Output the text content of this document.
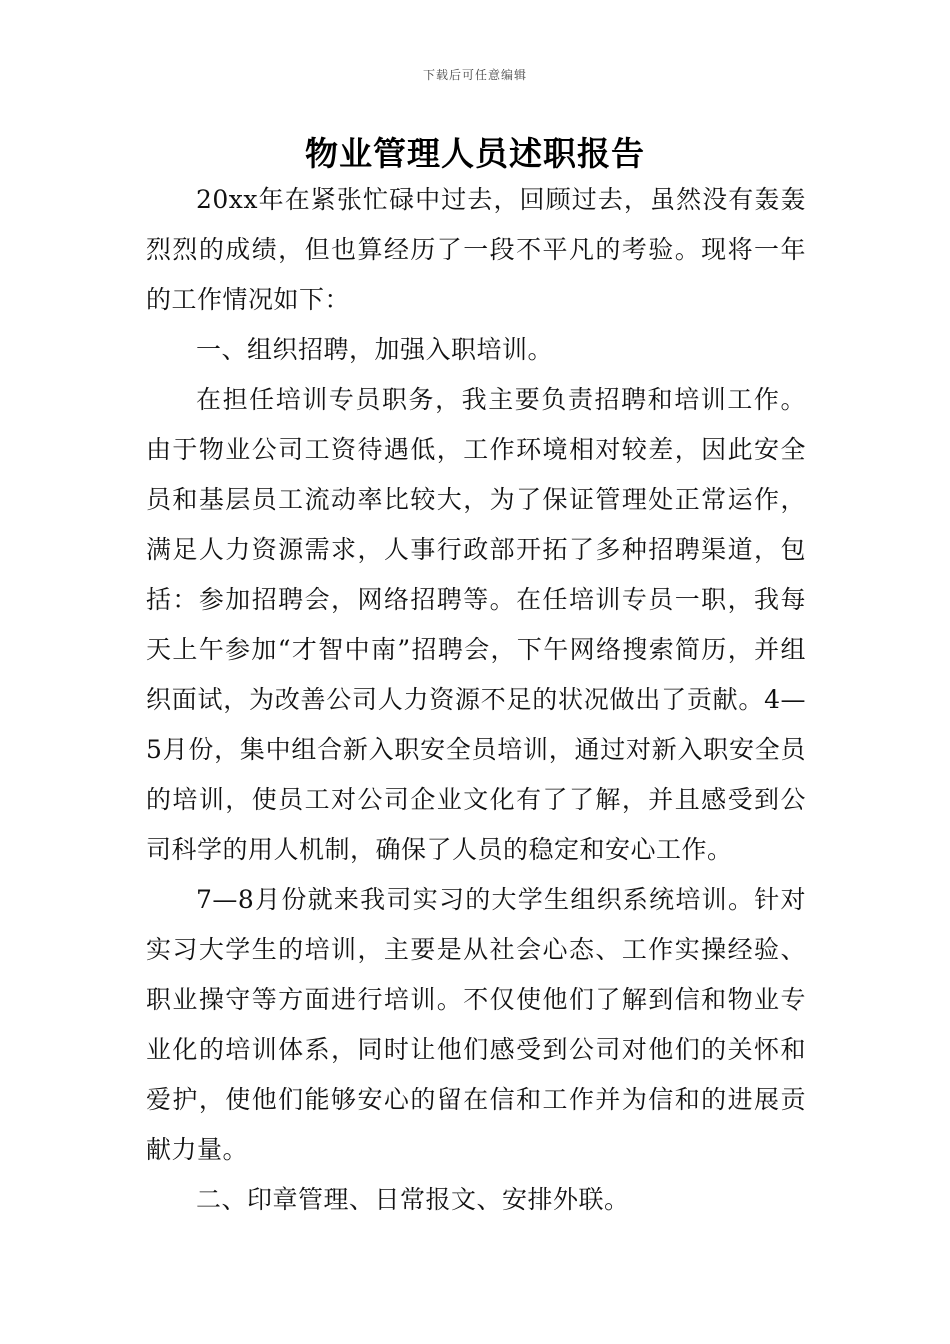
下载后可任意编辑
物业管理人员述职报告

20xx年在紧张忙碌中过去，回顾过去，虽然没有轰轰烈烈的成绩，但也算经历了一段不平凡的考验。现将一年的工作情况如下：

一、组织招聘，加强入职培训。

在担任培训专员职务，我主要负责招聘和培训工作。由于物业公司工资待遇低，工作环境相对较差，因此安全员和基层员工流动率比较大，为了保证管理处正常运作，满足人力资源需求，人事行政部开拓了多种招聘渠道，包括：参加招聘会，网络招聘等。在任培训专员一职，我每天上午参加“才智中南”招聘会，下午网络搜索简历，并组织面试，为改善公司人力资源不足的状况做出了贡献。4—5月份，集中组合新入职安全员培训，通过对新入职安全员的培训，使员工对公司企业文化有了了解，并且感受到公司科学的用人机制，确保了人员的稳定和安心工作。

7—8月份就来我司实习的大学生组织系统培训。针对实习大学生的培训，主要是从社会心态、工作实操经验、职业操守等方面进行培训。不仅使他们了解到信和物业专业化的培训体系，同时让他们感受到公司对他们的关怀和爱护，使他们能够安心的留在信和工作并为信和的进展贡献力量。

二、印章管理、日常报文、安排外联。
